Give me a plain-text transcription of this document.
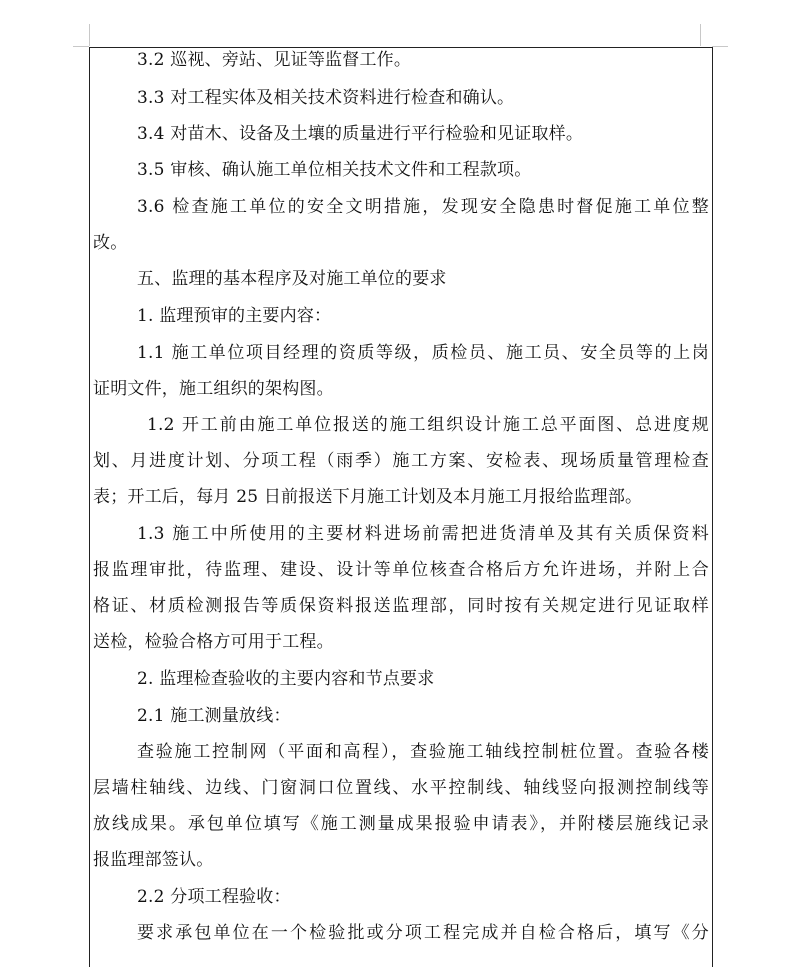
3.2 巡视、旁站、见证等监督工作。
3.3 对工程实体及相关技术资料进行检查和确认。
3.4 对苗木、设备及土壤的质量进行平行检验和见证取样。
3.5 审核、确认施工单位相关技术文件和工程款项。
3.6 检查施工单位的安全文明措施，发现安全隐患时督促施工单位整
改。
五、监理的基本程序及对施工单位的要求
1. 监理预审的主要内容：
1.1 施工单位项目经理的资质等级，质检员、施工员、安全员等的上岗
证明文件，施工组织的架构图。
1.2 开工前由施工单位报送的施工组织设计施工总平面图、总进度规
划、月进度计划、分项工程（雨季）施工方案、安检表、现场质量管理检查
表；开工后，每月 25 日前报送下月施工计划及本月施工月报给监理部。
1.3 施工中所使用的主要材料进场前需把进货清单及其有关质保资料
报监理审批，待监理、建设、设计等单位核查合格后方允许进场，并附上合
格证、材质检测报告等质保资料报送监理部，同时按有关规定进行见证取样
送检，检验合格方可用于工程。
2. 监理检查验收的主要内容和节点要求
2.1 施工测量放线：
查验施工控制网（平面和高程），查验施工轴线控制桩位置。查验各楼
层墙柱轴线、边线、门窗洞口位置线、水平控制线、轴线竖向报测控制线等
放线成果。承包单位填写《施工测量成果报验申请表》，并附楼层施线记录
报监理部签认。
2.2 分项工程验收：
要求承包单位在一个检验批或分项工程完成并自检合格后，填写《分
